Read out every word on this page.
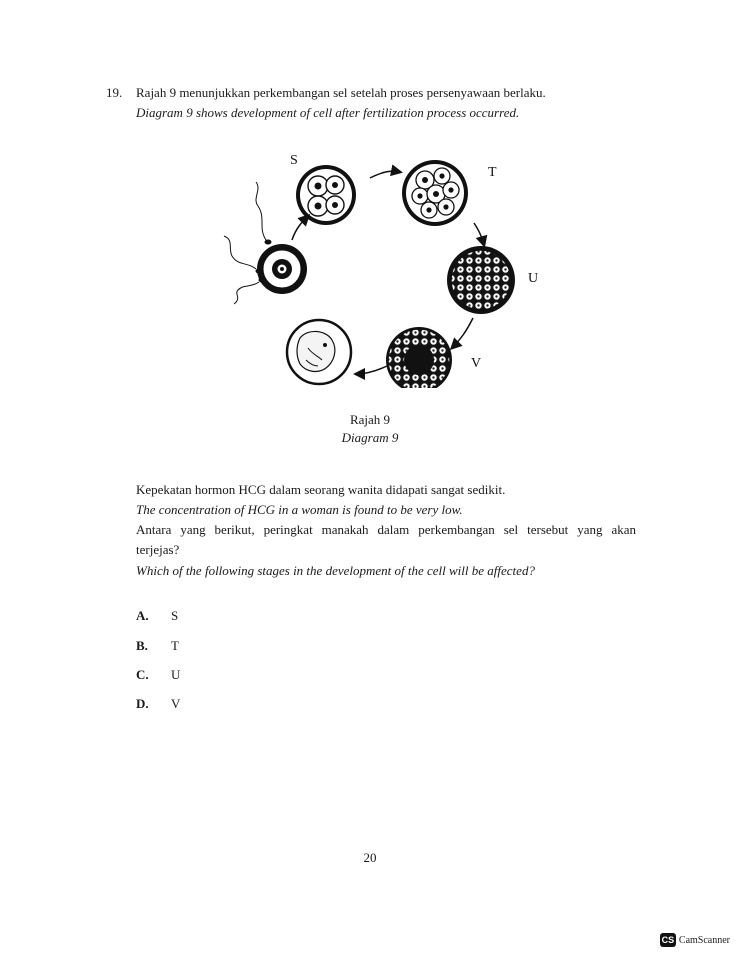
19. Rajah 9 menunjukkan perkembangan sel setelah proses persenyawaan berlaku.
Diagram 9 shows development of cell after fertilization process occurred.
S
T
U
V
Rajah 9
Diagram 9
Kepekatan hormon HCG dalam seorang wanita didapati sangat sedikit.
The concentration of HCG in a woman is found to be very low.
Antara yang berikut, peringkat manakah dalam perkembangan sel tersebut yang akan
terjejas?
Which of the following stages in the development of the cell will be affected?
A. S
B. T
C. U
D. V
20
CS CamScanner
